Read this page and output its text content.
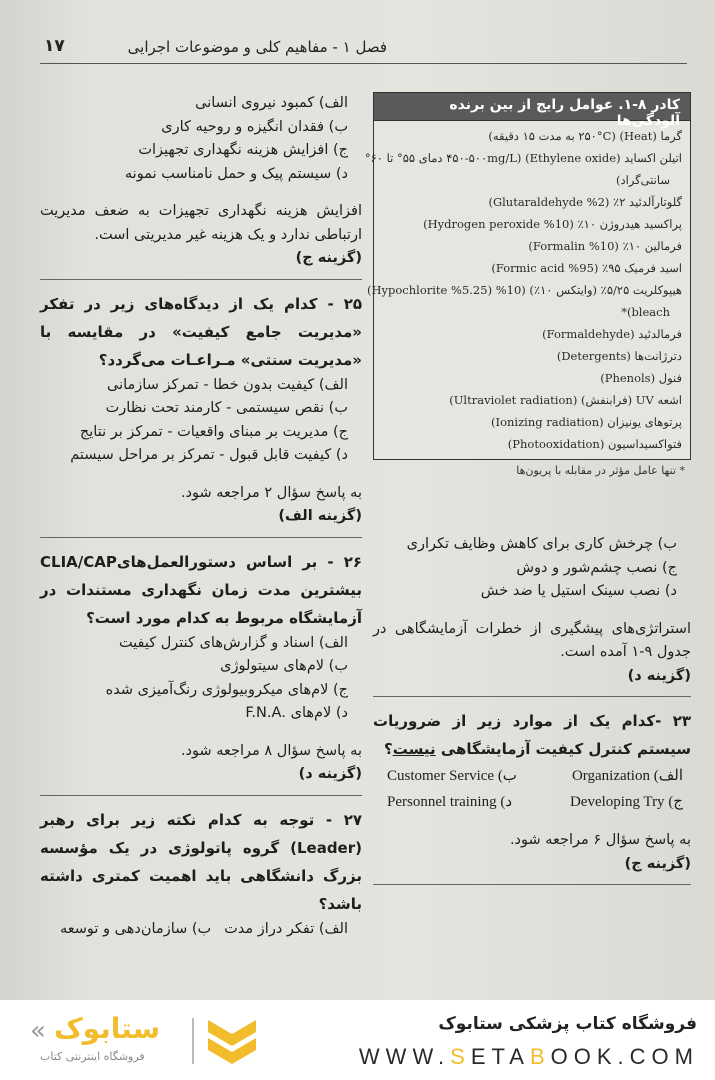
فصل ۱ - مفاهیم کلی و موضوعات اجرایی
۱۷
الف) کمبود نیروی انسانی
ب) فقدان انگیزه و روحیه کاری
ج) افزایش هزینه نگهداری تجهیزات
د) سیستم پیک و حمل نامناسب نمونه
افزایش هزینه نگهداری تجهیزات به ضعف مدیریت ارتباطی ندارد و یک هزینه غیر مدیریتی است.
(گزینه ج)
۲۵ - کدام یک از دیدگاه‌های زیر در تفکر «مدیریت جامع کیفیت» در مقایسه با «مدیریت سنتی» مـراعـات می‌گردد؟
الف) کیفیت بدون خطا - تمرکز سازمانی
ب) نقص سیستمی - کارمند تحت نظارت
ج) مدیریت بر مبنای واقعیات - تمرکز بر نتایج
د) کیفیت قابل قبول - تمرکز بر مراحل سیستم
به پاسخ سؤال ۲ مراجعه شود.
(گزینه الف)
۲۶ - بر اساس دستورالعمل‌هایCLIA/CAP بیشترین مدت زمان نگهداری مستندات در آزمایشگاه مربوط به کدام مورد است؟
الف) اسناد و گزارش‌های کنترل کیفیت
ب) لام‌های سیتولوژی
ج) لام‌های میکروبیولوژی رنگ‌آمیزی شده
د) لام‌های .F.N.A
به پاسخ سؤال ۸ مراجعه شود.
(گزینه د)
۲۷ - توجه به کدام نکته زیر برای رهبر (Leader) گروه پاتولوژی در یک مؤسسه بزرگ دانشگاهی باید اهمیت کمتری داشته باشد؟
الف) تفکر دراز مدت
ب) سازمان‌دهی و توسعه
کادر ۸-۱. عوامل رایج از بین برنده آلودگی‌ها
گرما (Heat) (۲۵۰°C به مدت ۱۵ دقیقه)
اتیلن اکساید (Ethylene oxide) (۴۵۰-۵۰۰mg/L دمای ۵۵° تا ۶۰°
سانتی‌گراد)
گلوتارآلدئید ۲٪ (2% Glutaraldehyde)
پراکسید هیدروژن ۱۰٪ (10% Hydrogen peroxide)
فرمالین ۱۰٪ (10% Formalin)
اسید فرمیک ۹۵٪ (95% Formic acid)
هیپوکلریت ۵/۲۵٪ (وایتکس ۱۰٪) (10% (5.25% Hypochlorite)
bleach)*
فرمالدئید (Formaldehyde)
دترژانت‌ها (Detergents)
فنول (Phenols)
اشعه UV (فرابنفش) (Ultraviolet radiation)
پرتوهای یونیزان (Ionizing radiation)
فتواکسیداسیون (Photooxidation)
* تنها عامل مؤثر در مقابله با پریون‌ها
ب) چرخش کاری برای کاهش وظایف تکراری
ج) نصب چشم‌شور و دوش
د) نصب سینک استیل یا ضد خش
استراتژی‌های پیشگیری از خطرات آزمایشگاهی در جدول ۹-۱ آمده است.
(گزینه د)
۲۳ -کدام یک از موارد زیر از ضروریات سیستم کنترل کیفیت آزمایشگاهی نیست؟
الف) Organization
ب) Customer Service
ج) Developing Try
د) Personnel training
به پاسخ سؤال ۶ مراجعه شود.
(گزینه ج)
« ستابوک
فروشگاه اینترنتی کتاب
فروشگاه کتاب پزشکی ستابوک
WWW.SETABOOK.COM
